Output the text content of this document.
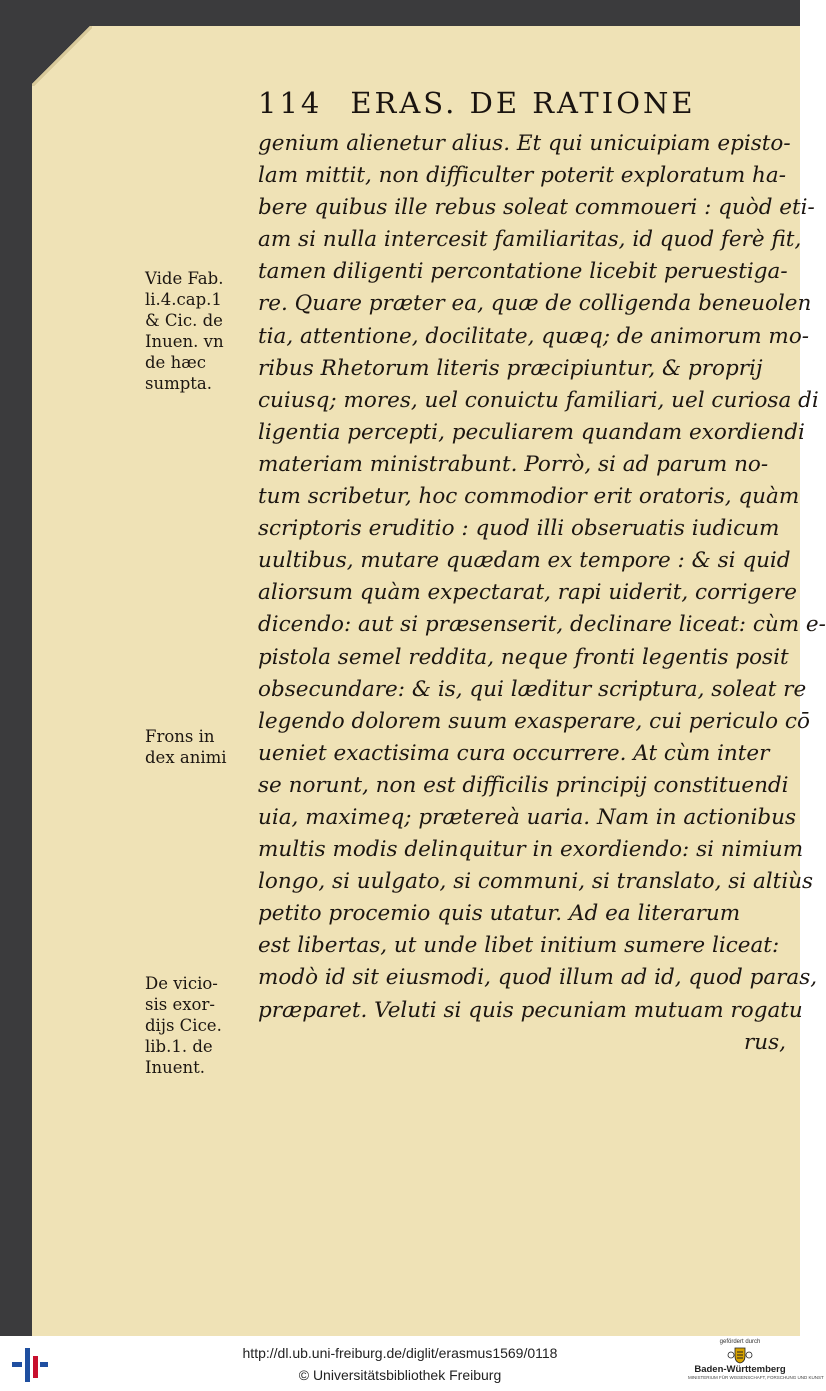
114 ERAS. DE RATIONE
genium alienetur alius. Et qui unicuipiam episto-
lam mittit, non difficulter poterit exploratum ha-
bere quibus ille rebus soleat commoueri : quòd eti-
am si nulla intercesit familiaritas, id quod ferè fit,
tamen diligenti percontatione licebit peruestiga-
re. Quare præter ea, quæ de colligenda beneuolen
tia, attentione, docilitate, quæq; de animorum mo-
ribus Rhetorum literis præcipiuntur, & proprij
cuiusq; mores, uel conuictu familiari, uel curiosa di
ligentia percepti, peculiarem quandam exordiendi
materiam ministrabunt. Porrò, si ad parum no-
tum scribetur, hoc commodior erit oratoris, quàm
scriptoris eruditio : quod illi obseruatis iudicum
uultibus, mutare quædam ex tempore : & si quid
aliorsum quàm expectarat, rapi uiderit, corrigere
dicendo: aut si præsenserit, declinare liceat: cùm e-
pistola semel reddita, neque fronti legentis posit
obsecundare: & is, qui læditur scriptura, soleat re
legendo dolorem suum exasperare, cui periculo cō
ueniet exactisima cura occurrere. At cùm inter
se norunt, non est difficilis principij constituendi
uia, maximeq; prætereà uaria. Nam in actionibus
multis modis delinquitur in exordiendo: si nimium
longo, si uulgato, si communi, si translato, si altiùs
petito procemio quis utatur. Ad ea literarum
est libertas, ut unde libet initium sumere liceat:
modò id sit eiusmodi, quod illum ad id, quod paras,
præparet. Veluti si quis pecuniam mutuam rogatu
rus,
Vide Fab.
li.4.cap.1
& Cic. de
Inuen. vn
de hæc
sumpta.
Frons in
dex animi
De vicio-
sis exor-
dijs Cice.
lib.1. de
Inuent.
http://dl.ub.uni-freiburg.de/diglit/erasmus1569/0118
© Universitätsbibliothek Freiburg
gefördert durch
Baden-Württemberg
MINISTERIUM FÜR WISSENSCHAFT, FORSCHUNG UND KUNST
